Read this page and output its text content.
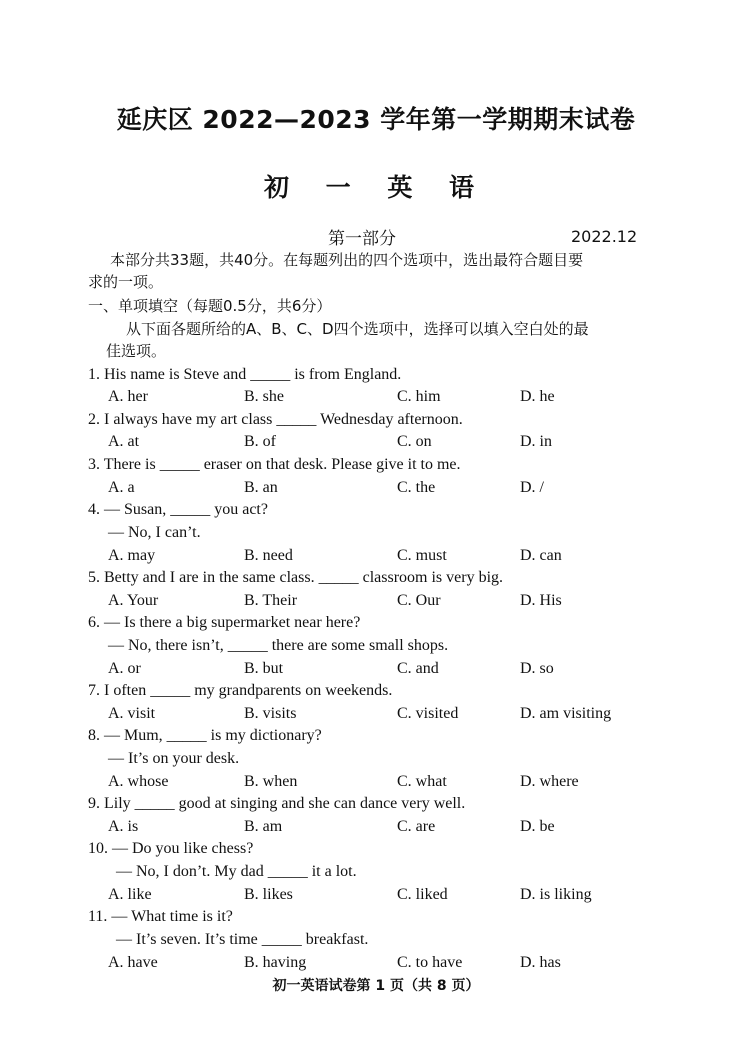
延庆区 2022—2023 学年第一学期期末试卷
初 一 英 语
第一部分	2022.12
本部分共33题，共40分。在每题列出的四个选项中，选出最符合题目要
求的一项。
一、单项填空（每题0.5分，共6分）
从下面各题所给的A、B、C、D四个选项中，选择可以填入空白处的最
佳选项。
1. His name is Steve and _____ is from England.
A. her	B. she	C. him	D. he
2. I always have my art class _____ Wednesday afternoon.
A. at	B. of	C. on	D. in
3. There is _____ eraser on that desk. Please give it to me.
A. a	B. an	C. the	D. /
4. — Susan, _____ you act?
— No, I can’t.
A. may	B. need	C. must	D. can
5. Betty and I are in the same class. _____ classroom is very big.
A. Your	B. Their	C. Our	D. His
6. — Is there a big supermarket near here?
— No, there isn’t, _____ there are some small shops.
A. or	B. but	C. and	D. so
7. I often _____ my grandparents on weekends.
A. visit	B. visits	C. visited	D. am visiting
8. — Mum, _____ is my dictionary?
— It’s on your desk.
A. whose	B. when	C. what	D. where
9. Lily _____ good at singing and she can dance very well.
A. is	B. am	C. are	D. be
10. — Do you like chess?
— No, I don’t. My dad _____ it a lot.
A. like	B. likes	C. liked	D. is liking
11. — What time is it?
— It’s seven. It’s time _____ breakfast.
A. have	B. having	C. to have	D. has
初一英语试卷第 1 页（共 8 页）
